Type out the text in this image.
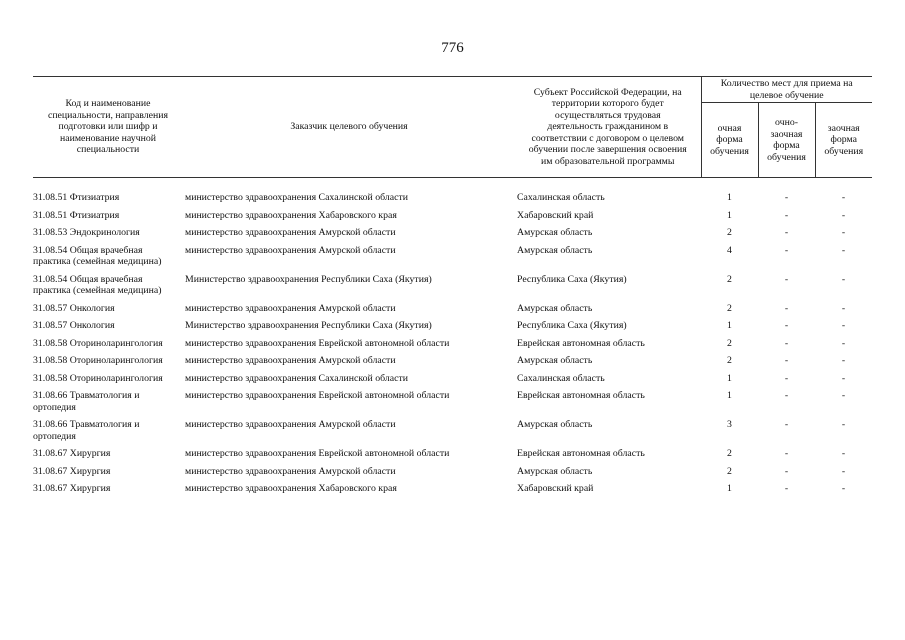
776
Код и наименование специальности, направления подготовки или шифр и наименование научной специальности	Заказчик целевого обучения	Субъект Российской Федерации, на территории которого будет осуществляться трудовая деятельность гражданином в соответствии с договором о целевом обучении после завершения освоения им образовательной программы	Количество мест для приема на целевое обучение		
			очная форма обучения	очно-заочная форма обучения	заочная форма обучения

31.08.51 Фтизиатрия	министерство здравоохранения Сахалинской области	Сахалинская область	1	-	-
31.08.51 Фтизиатрия	министерство здравоохранения Хабаровского края	Хабаровский край	1	-	-
31.08.53 Эндокринология	министерство здравоохранения Амурской области	Амурская область	2	-	-
31.08.54 Общая врачебная практика (семейная медицина)	министерство здравоохранения Амурской области	Амурская область	4	-	-
31.08.54 Общая врачебная практика (семейная медицина)	Министерство здравоохранения Республики Саха (Якутия)	Республика Саха (Якутия)	2	-	-
31.08.57 Онкология	министерство здравоохранения Амурской области	Амурская область	2	-	-
31.08.57 Онкология	Министерство здравоохранения Республики Саха (Якутия)	Республика Саха (Якутия)	1	-	-
31.08.58 Оториноларингология	министерство здравоохранения Еврейской автономной области	Еврейская автономная область	2	-	-
31.08.58 Оториноларингология	министерство здравоохранения Амурской области	Амурская область	2	-	-
31.08.58 Оториноларингология	министерство здравоохранения Сахалинской области	Сахалинская область	1	-	-
31.08.66 Травматология и ортопедия	министерство здравоохранения Еврейской автономной области	Еврейская автономная область	1	-	-
31.08.66 Травматология и ортопедия	министерство здравоохранения Амурской области	Амурская область	3	-	-
31.08.67 Хирургия	министерство здравоохранения Еврейской автономной области	Еврейская автономная область	2	-	-
31.08.67 Хирургия	министерство здравоохранения Амурской области	Амурская область	2	-	-
31.08.67 Хирургия	министерство здравоохранения Хабаровского края	Хабаровский край	1	-	-
